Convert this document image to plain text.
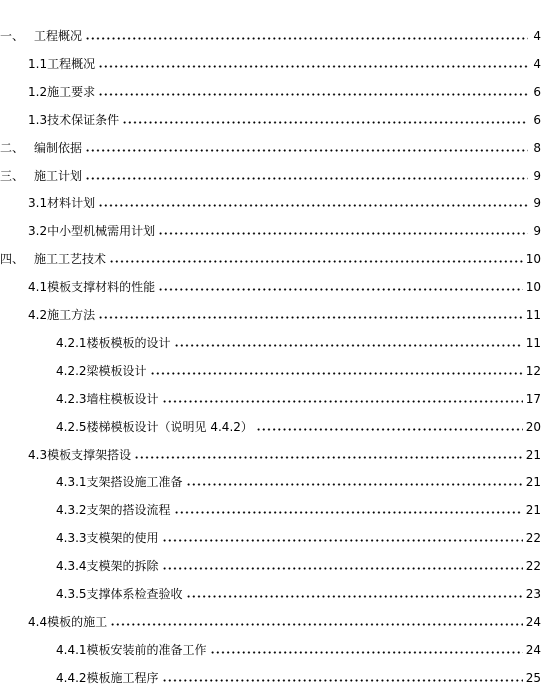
一、 工程概况	4
1.1 工程概况	4
1.2 施工要求	6
1.3 技术保证条件	6
二、 编制依据	8
三、 施工计划	9
3.1 材料计划	9
3.2 中小型机械需用计划	9
四、 施工工艺技术	10
4.1 模板支撑材料的性能	10
4.2 施工方法	11
4.2.1 楼板模板的设计	11
4.2.2 梁模板设计	12
4.2.3 墙柱模板设计	17
4.2.5 楼梯模板设计（说明见 4.4.2）	20
4.3 模板支撑架搭设	21
4.3.1 支架搭设施工准备	21
4.3.2 支架的搭设流程	21
4.3.3 支模架的使用	22
4.3.4 支模架的拆除	22
4.3.5 支撑体系检查验收	23
4.4 模板的施工	24
4.4.1 模板安装前的准备工作	24
4.4.2 模板施工程序	25
